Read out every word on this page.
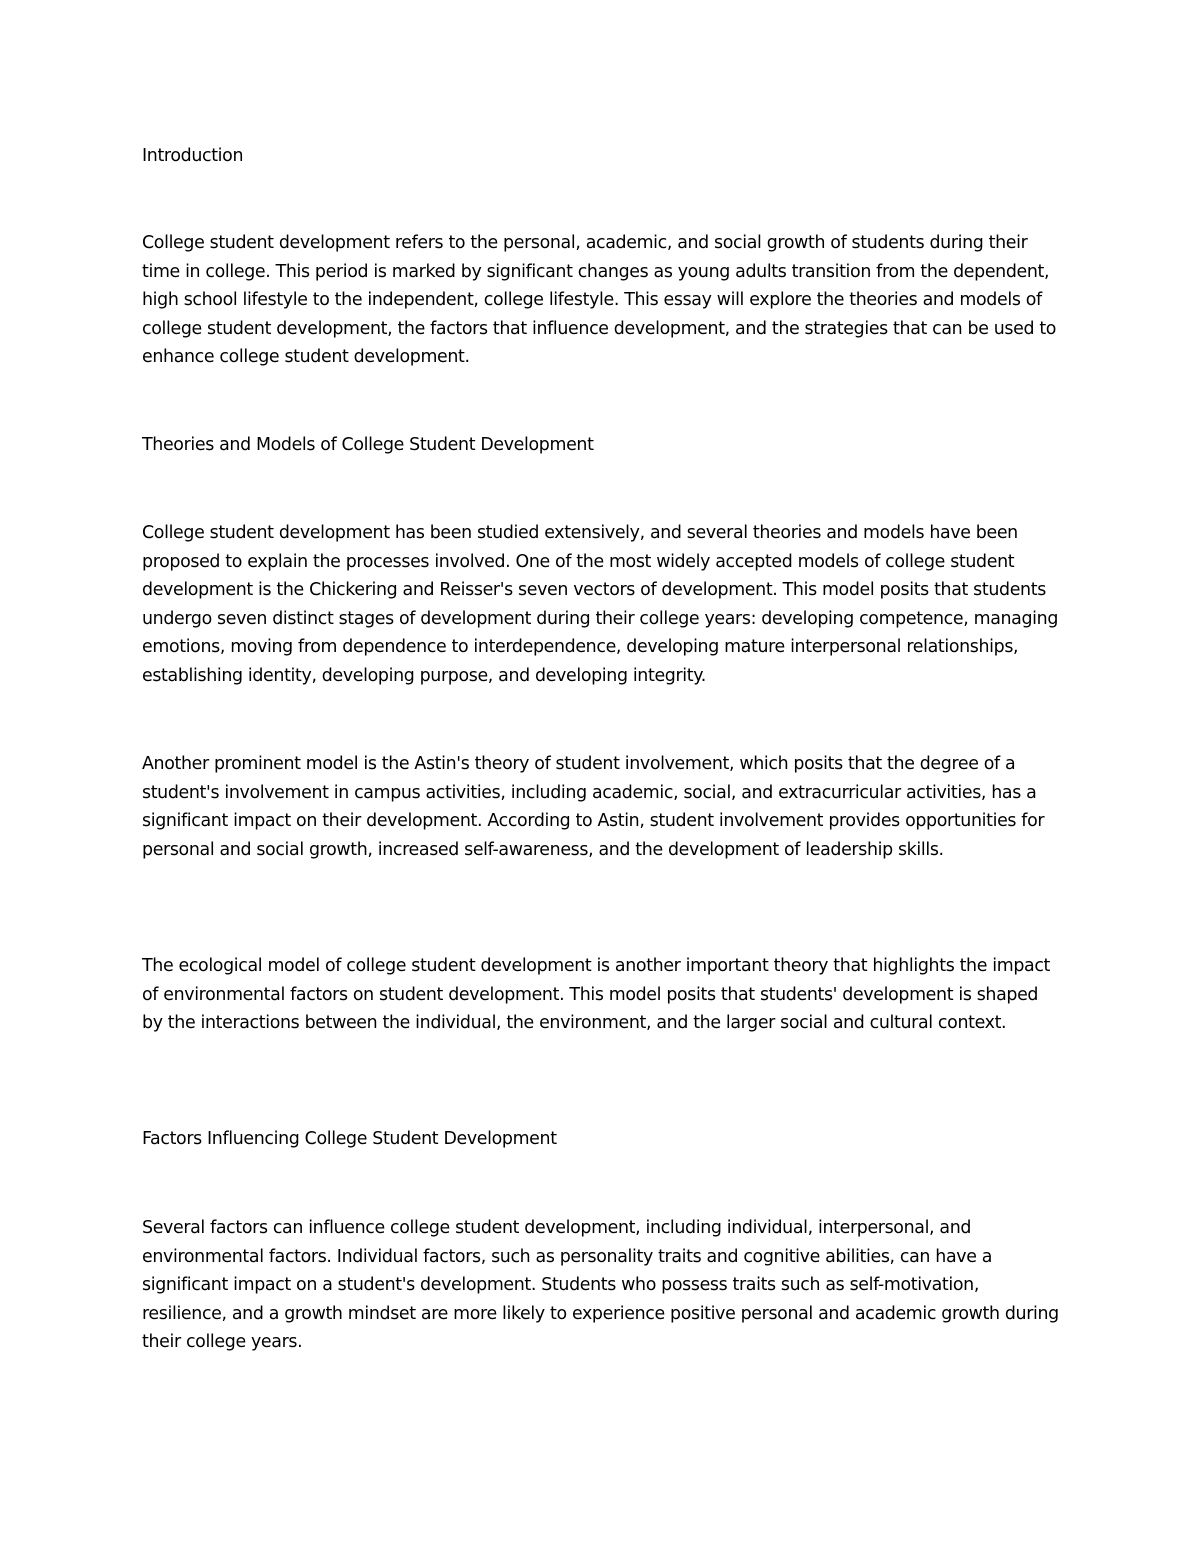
Introduction

College student development refers to the personal, academic, and social growth of students during their time in college. This period is marked by significant changes as young adults transition from the dependent, high school lifestyle to the independent, college lifestyle. This essay will explore the theories and models of college student development, the factors that influence development, and the strategies that can be used to enhance college student development.

Theories and Models of College Student Development

College student development has been studied extensively, and several theories and models have been proposed to explain the processes involved. One of the most widely accepted models of college student development is the Chickering and Reisser's seven vectors of development. This model posits that students undergo seven distinct stages of development during their college years: developing competence, managing emotions, moving from dependence to interdependence, developing mature interpersonal relationships, establishing identity, developing purpose, and developing integrity.

Another prominent model is the Astin's theory of student involvement, which posits that the degree of a student's involvement in campus activities, including academic, social, and extracurricular activities, has a significant impact on their development. According to Astin, student involvement provides opportunities for personal and social growth, increased self-awareness, and the development of leadership skills.

The ecological model of college student development is another important theory that highlights the impact of environmental factors on student development. This model posits that students' development is shaped by the interactions between the individual, the environment, and the larger social and cultural context.

Factors Influencing College Student Development

Several factors can influence college student development, including individual, interpersonal, and environmental factors. Individual factors, such as personality traits and cognitive abilities, can have a significant impact on a student's development. Students who possess traits such as self-motivation, resilience, and a growth mindset are more likely to experience positive personal and academic growth during their college years.
